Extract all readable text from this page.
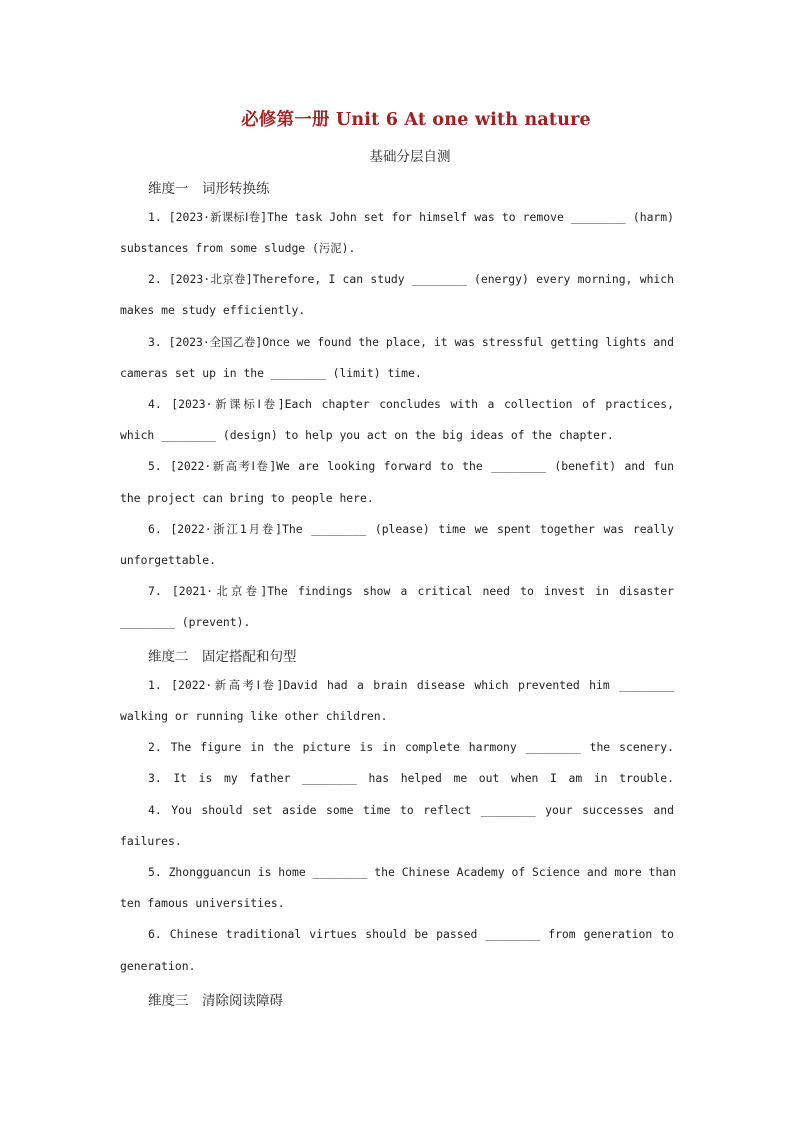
必修第一册 Unit 6 At one with nature
基础分层自测
维度一　词形转换练
1. [2023·新课标Ⅰ卷]The task John set for himself was to remove ________ (harm)
substances from some sludge (污泥).
2. [2023·北京卷]Therefore, I can study ________ (energy) every morning, which
makes me study efficiently.
3. [2023·全国乙卷]Once we found the place, it was stressful getting lights and
cameras set up in the ________ (limit) time.
4. [2023·新课标Ⅰ卷]Each chapter concludes with a collection of practices,
which ________ (design) to help you act on the big ideas of the chapter.
5. [2022·新高考Ⅰ卷]We are looking forward to the ________ (benefit) and fun
the project can bring to people here.
6. [2022·浙江1月卷]The ________ (please) time we spent together was really
unforgettable.
7. [2021·北京卷]The findings show a critical need to invest in disaster
________ (prevent).
维度二　固定搭配和句型
1. [2022·新高考Ⅰ卷]David had a brain disease which prevented him ________
walking or running like other children.
2. The figure in the picture is in complete harmony ________ the scenery.
3. It is my father ________ has helped me out when I am in trouble.
4. You should set aside some time to reflect ________ your successes and
failures.
5. Zhongguancun is home ________ the Chinese Academy of Science and more than
ten famous universities.
6. Chinese traditional virtues should be passed ________ from generation to
generation.
维度三　清除阅读障碍
